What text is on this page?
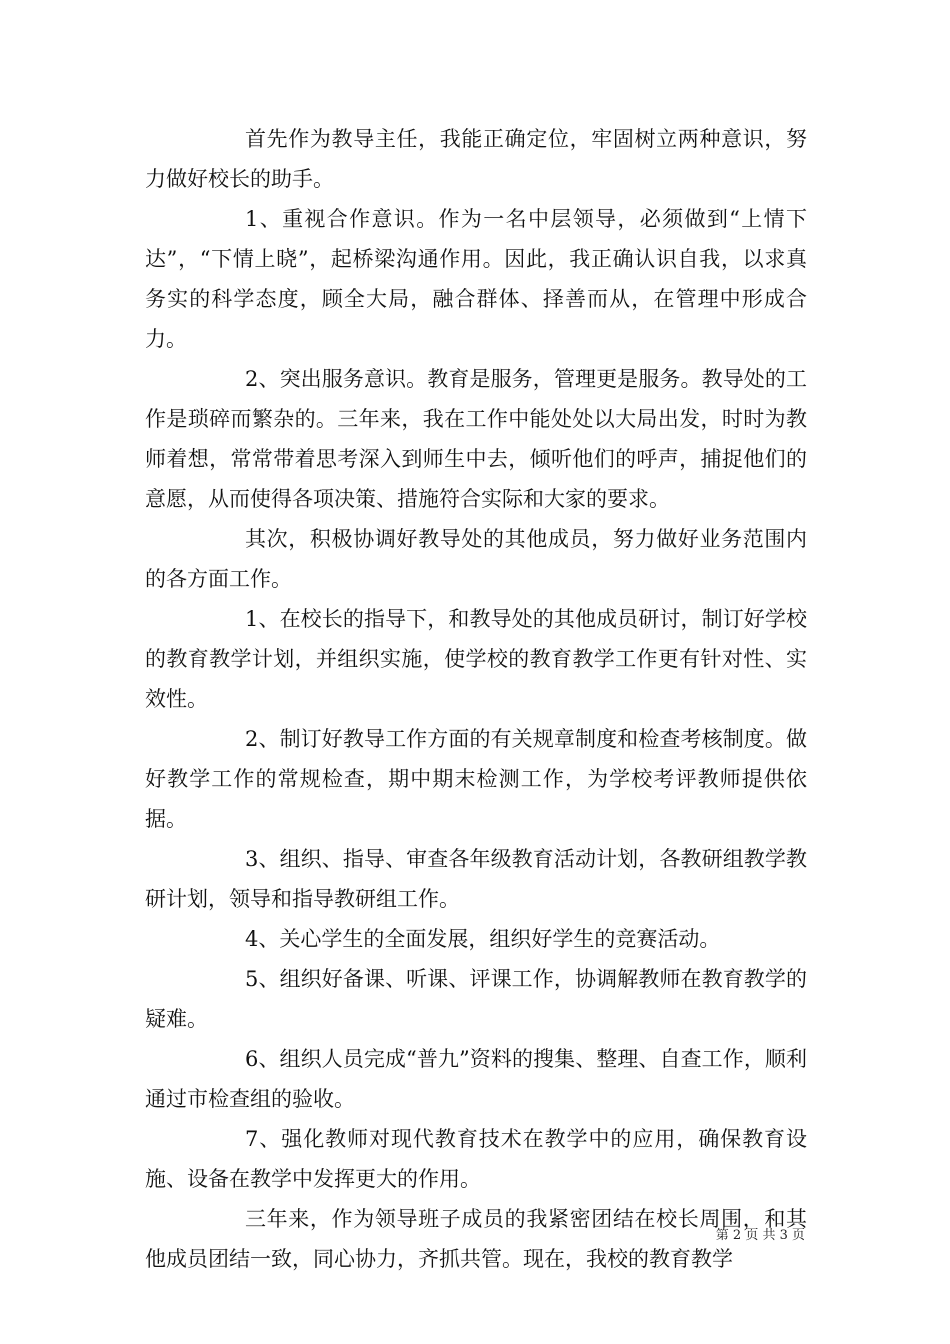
首先作为教导主任，我能正确定位，牢固树立两种意识，努力做好校长的助手。

1、重视合作意识。作为一名中层领导，必须做到“上情下达”，“下情上晓”，起桥梁沟通作用。因此，我正确认识自我，以求真务实的科学态度，顾全大局，融合群体、择善而从，在管理中形成合力。

2、突出服务意识。教育是服务，管理更是服务。教导处的工作是琐碎而繁杂的。三年来，我在工作中能处处以大局出发，时时为教师着想，常常带着思考深入到师生中去，倾听他们的呼声，捕捉他们的意愿，从而使得各项决策、措施符合实际和大家的要求。

其次，积极协调好教导处的其他成员，努力做好业务范围内的各方面工作。

1、在校长的指导下，和教导处的其他成员研讨，制订好学校的教育教学计划，并组织实施，使学校的教育教学工作更有针对性、实效性。

2、制订好教导工作方面的有关规章制度和检查考核制度。做好教学工作的常规检查，期中期末检测工作，为学校考评教师提供依据。

3、组织、指导、审查各年级教育活动计划，各教研组教学教研计划，领导和指导教研组工作。

4、关心学生的全面发展，组织好学生的竞赛活动。

5、组织好备课、听课、评课工作，协调解教师在教育教学的疑难。

6、组织人员完成“普九”资料的搜集、整理、自查工作，顺利通过市检查组的验收。

7、强化教师对现代教育技术在教学中的应用，确保教育设施、设备在教学中发挥更大的作用。

三年来，作为领导班子成员的我紧密团结在校长周围，和其他成员团结一致，同心协力，齐抓共管。现在，我校的教育教学

第 2 页 共 3 页
